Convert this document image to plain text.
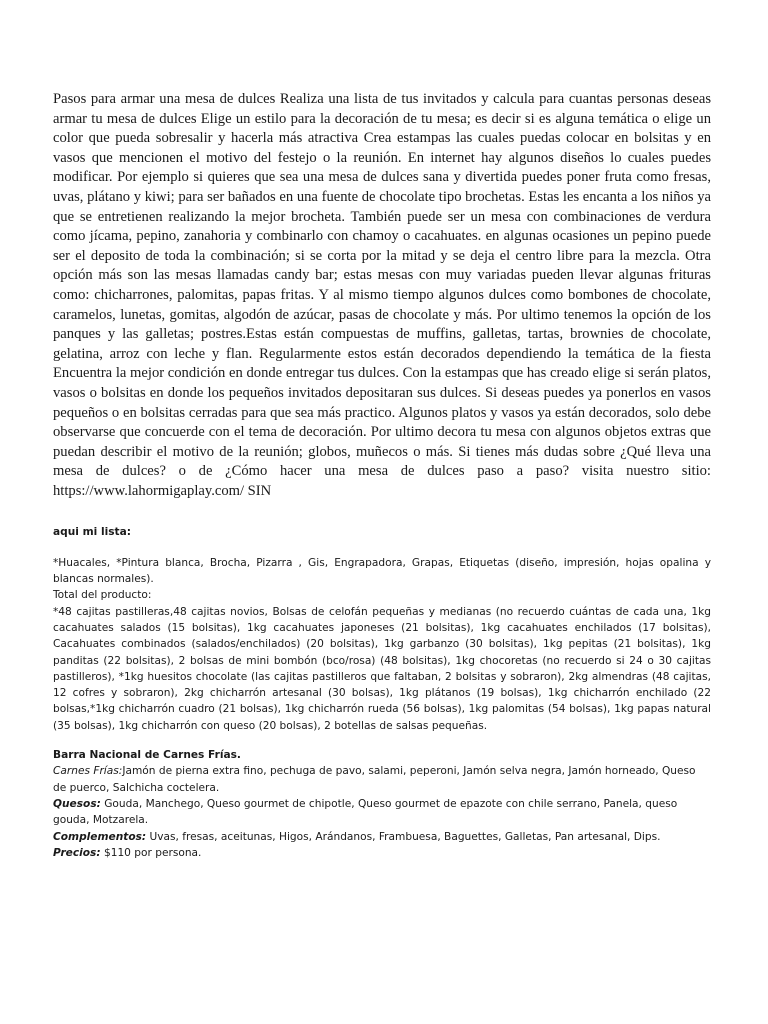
Pasos para armar una mesa de dulces Realiza una lista de tus invitados y calcula para cuantas personas deseas armar tu mesa de dulces Elige un estilo para la decoración de tu mesa; es decir si es alguna temática o elige un color que pueda sobresalir y hacerla más atractiva Crea estampas las cuales puedas colocar en bolsitas y en vasos que mencionen el motivo del festejo o la reunión. En internet hay algunos diseños lo cuales puedes modificar. Por ejemplo si quieres que sea una mesa de dulces sana y divertida puedes poner fruta como fresas, uvas, plátano y kiwi; para ser bañados en una fuente de chocolate tipo brochetas. Estas les encanta a los niños ya que se entretienen realizando la mejor brocheta. También puede ser un mesa con combinaciones de verdura como jícama, pepino, zanahoria y combinarlo con chamoy o cacahuates. en algunas ocasiones un pepino puede ser el deposito de toda la combinación; si se corta por la mitad y se deja el centro libre para la mezcla. Otra opción más son las mesas llamadas candy bar; estas mesas con muy variadas pueden llevar algunas frituras como: chicharrones, palomitas, papas fritas. Y al mismo tiempo algunos dulces como bombones de chocolate, caramelos, lunetas, gomitas, algodón de azúcar, pasas de chocolate y más. Por ultimo tenemos la opción de los panques y las galletas; postres.Estas están compuestas de muffins, galletas, tartas, brownies de chocolate, gelatina, arroz con leche y flan. Regularmente estos están decorados dependiendo la temática de la fiesta Encuentra la mejor condición en donde entregar tus dulces. Con la estampas que has creado elige si serán platos, vasos o bolsitas en donde los pequeños invitados depositaran sus dulces. Si deseas puedes ya ponerlos en vasos pequeños o en bolsitas cerradas para que sea más practico. Algunos platos y vasos ya están decorados, solo debe observarse que concuerde con el tema de decoración. Por ultimo decora tu mesa con algunos objetos extras que puedan describir el motivo de la reunión; globos, muñecos o más. Si tienes más dudas sobre ¿Qué lleva una mesa de dulces? o de ¿Cómo hacer una mesa de dulces paso a paso? visita nuestro sitio: https://www.lahormigaplay.com/ SIN

aqui mi lista:

*Huacales, *Pintura blanca, Brocha, Pizarra , Gis, Engrapadora, Grapas, Etiquetas (diseño, impresión, hojas opalina y blancas normales).

Total del producto:

*48 cajitas pastilleras,48 cajitas novios, Bolsas de celofán pequeñas y medianas (no recuerdo cuántas de cada una, 1kg cacahuates salados (15 bolsitas), 1kg cacahuates japoneses (21 bolsitas), 1kg cacahuates enchilados (17 bolsitas), Cacahuates combinados (salados/enchilados) (20 bolsitas), 1kg garbanzo (30 bolsitas), 1kg pepitas (21 bolsitas), 1kg panditas (22 bolsitas), 2 bolsas de mini bombón (bco/rosa) (48 bolsitas), 1kg chocoretas (no recuerdo si 24 o 30 cajitas pastilleros), *1kg huesitos chocolate (las cajitas pastilleros que faltaban, 2 bolsitas y sobraron), 2kg almendras (48 cajitas, 12 cofres y sobraron), 2kg chicharrón artesanal (30 bolsas), 1kg plátanos (19 bolsas), 1kg chicharrón enchilado (22 bolsas,*1kg chicharrón cuadro (21 bolsas), 1kg chicharrón rueda (56 bolsas), 1kg palomitas (54 bolsas), 1kg papas natural (35 bolsas), 1kg chicharrón con queso (20 bolsas), 2 botellas de salsas pequeñas.

Barra Nacional de Carnes Frías.

Carnes Frías:Jamón de pierna extra fino, pechuga de pavo, salami, peperoni, Jamón selva negra, Jamón horneado, Queso de puerco, Salchicha coctelera.

Quesos: Gouda, Manchego, Queso gourmet de chipotle, Queso gourmet de epazote con chile serrano, Panela, queso gouda, Motzarela.

Complementos: Uvas, fresas, aceitunas, Higos, Arándanos, Frambuesa, Baguettes, Galletas, Pan artesanal, Dips.

Precios: $110 por persona.
